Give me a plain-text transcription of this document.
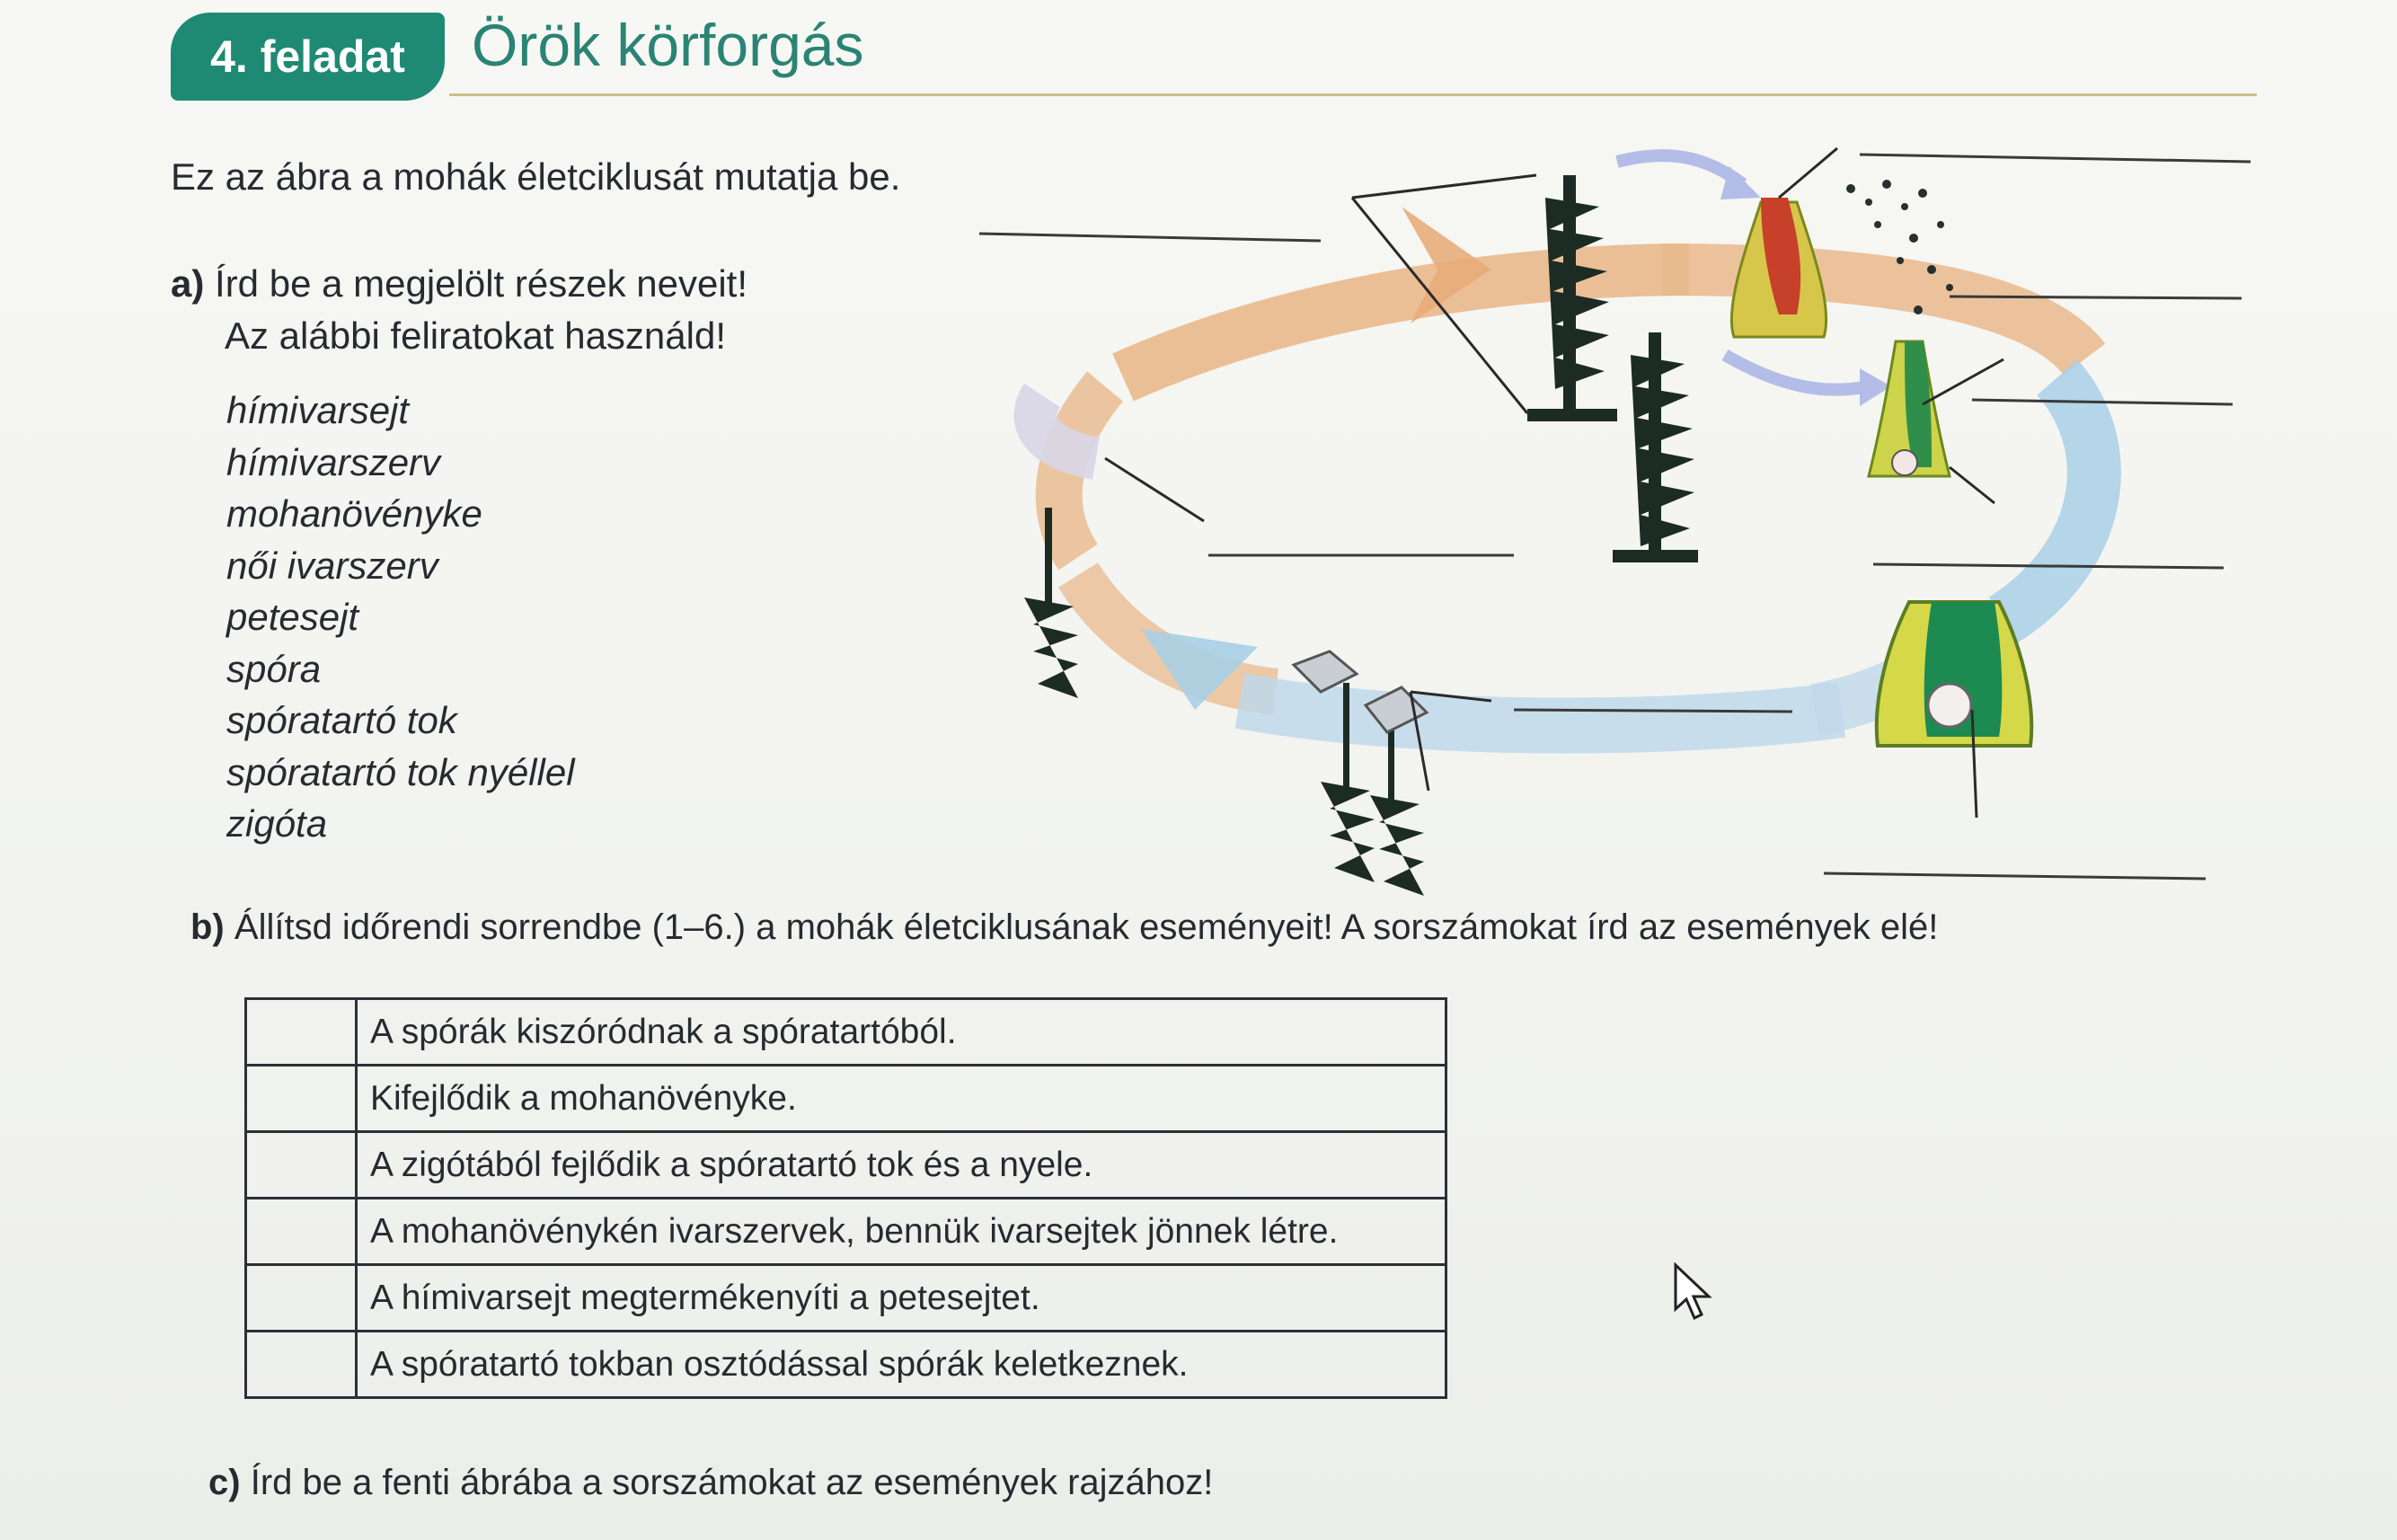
4. feladat	Örök körforgás
Ez az ábra a mohák életciklusát mutatja be.
a) Írd be a megjelölt részek neveit!
Az alábbi feliratokat használd!
hímivarsejt
hímivarszerv
mohanövényke
női ivarszerv
petesejt
spóra
spóratartó tok
spóratartó tok nyéllel
zigóta
b) Állítsd időrendi sorrendbe (1–6.) a mohák életciklusának eseményeit! A sorszámokat írd az események elé!
	A spórák kiszóródnak a spóratartóból.
	Kifejlődik a mohanövényke.
	A zigótából fejlődik a spóratartó tok és a nyele.
	A mohanövénykén ivarszervek, bennük ivarsejtek jönnek létre.
	A hímivarsejt megtermékenyíti a petesejtet.
	A spóratartó tokban osztódással spórák keletkeznek.
c) Írd be a fenti ábrába a sorszámokat az események rajzához!
